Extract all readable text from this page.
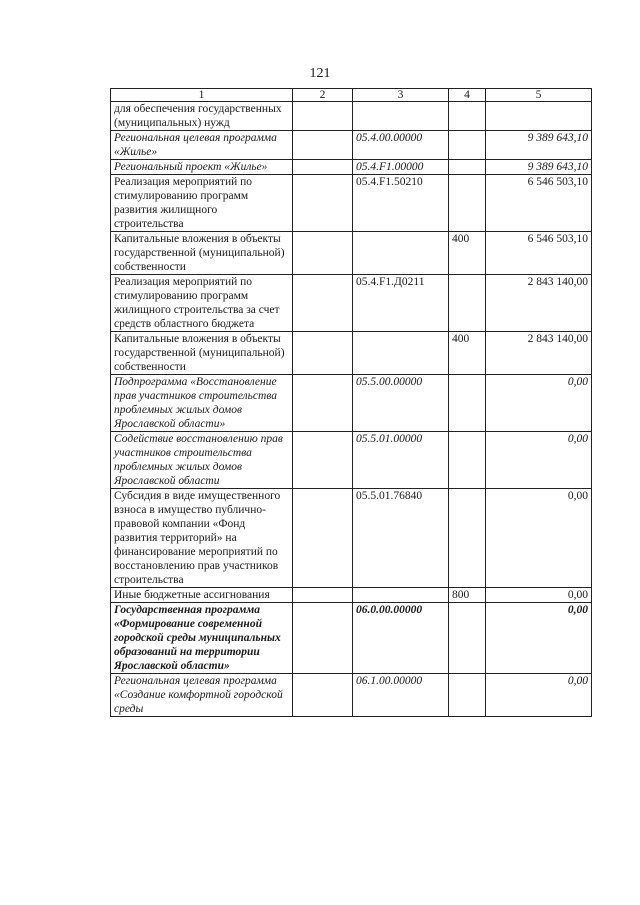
121
1	2	3	4	5
для обеспечения государственных (муниципальных) нужд				
Региональная целевая программа «Жилье»		05.4.00.00000		9 389 643,10
Региональный проект «Жилье»		05.4.F1.00000		9 389 643,10
Реализация мероприятий по стимулированию программ развития жилищного строительства		05.4.F1.50210		6 546 503,10
Капитальные вложения в объекты государственной (муниципальной) собственности			400	6 546 503,10
Реализация мероприятий по стимулированию программ жилищного строительства за счет средств областного бюджета		05.4.F1.Д0211		2 843 140,00
Капитальные вложения в объекты государственной (муниципальной) собственности			400	2 843 140,00
Подпрограмма «Восстановление прав участников строительства проблемных жилых домов Ярославской области»		05.5.00.00000		0,00
Содействие восстановлению прав участников строительства проблемных жилых домов Ярославской области		05.5.01.00000		0,00
Субсидия в виде имущественного взноса в имущество публично-правовой компании «Фонд развития территорий» на финансирование мероприятий по восстановлению прав участников строительства		05.5.01.76840		0,00
Иные бюджетные ассигнования			800	0,00
Государственная программа «Формирование современной городской среды муниципальных образований на территории Ярославской области»		06.0.00.00000		0,00
Региональная целевая программа «Создание комфортной городской среды		06.1.00.00000		0,00
